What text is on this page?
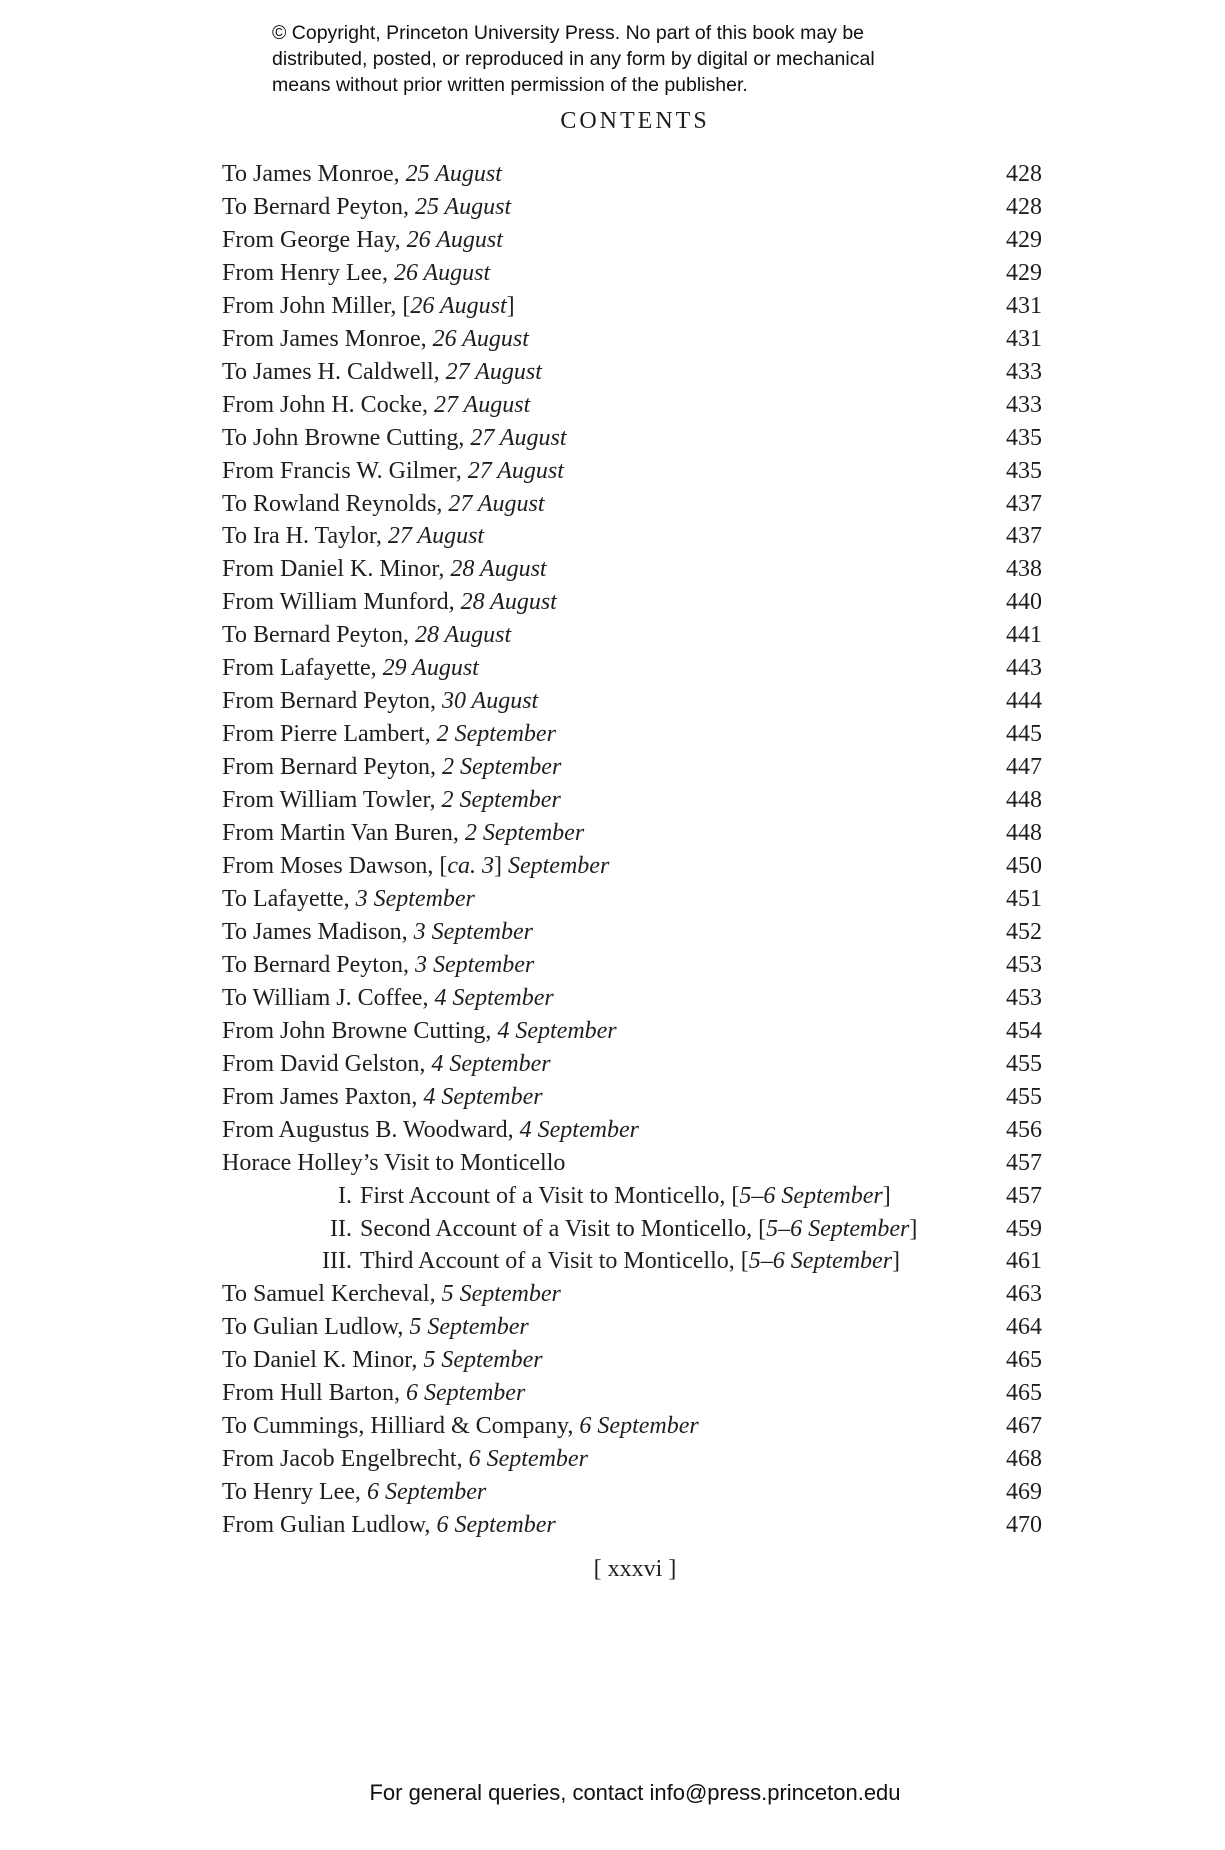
© Copyright, Princeton University Press. No part of this book may be
distributed, posted, or reproduced in any form by digital or mechanical
means without prior written permission of the publisher.
CONTENTS
To James Monroe, 25 August	428
To Bernard Peyton, 25 August	428
From George Hay, 26 August	429
From Henry Lee, 26 August	429
From John Miller, [26 August]	431
From James Monroe, 26 August	431
To James H. Caldwell, 27 August	433
From John H. Cocke, 27 August	433
To John Browne Cutting, 27 August	435
From Francis W. Gilmer, 27 August	435
To Rowland Reynolds, 27 August	437
To Ira H. Taylor, 27 August	437
From Daniel K. Minor, 28 August	438
From William Munford, 28 August	440
To Bernard Peyton, 28 August	441
From Lafayette, 29 August	443
From Bernard Peyton, 30 August	444
From Pierre Lambert, 2 September	445
From Bernard Peyton, 2 September	447
From William Towler, 2 September	448
From Martin Van Buren, 2 September	448
From Moses Dawson, [ca. 3] September	450
To Lafayette, 3 September	451
To James Madison, 3 September	452
To Bernard Peyton, 3 September	453
To William J. Coffee, 4 September	453
From John Browne Cutting, 4 September	454
From David Gelston, 4 September	455
From James Paxton, 4 September	455
From Augustus B. Woodward, 4 September	456
Horace Holley’s Visit to Monticello	457
I. First Account of a Visit to Monticello, [5–6 September]	457
II. Second Account of a Visit to Monticello, [5–6 September]	459
III. Third Account of a Visit to Monticello, [5–6 September]	461
To Samuel Kercheval, 5 September	463
To Gulian Ludlow, 5 September	464
To Daniel K. Minor, 5 September	465
From Hull Barton, 6 September	465
To Cummings, Hilliard & Company, 6 September	467
From Jacob Engelbrecht, 6 September	468
To Henry Lee, 6 September	469
From Gulian Ludlow, 6 September	470
[ xxxvi ]
For general queries, contact info@press.princeton.edu
